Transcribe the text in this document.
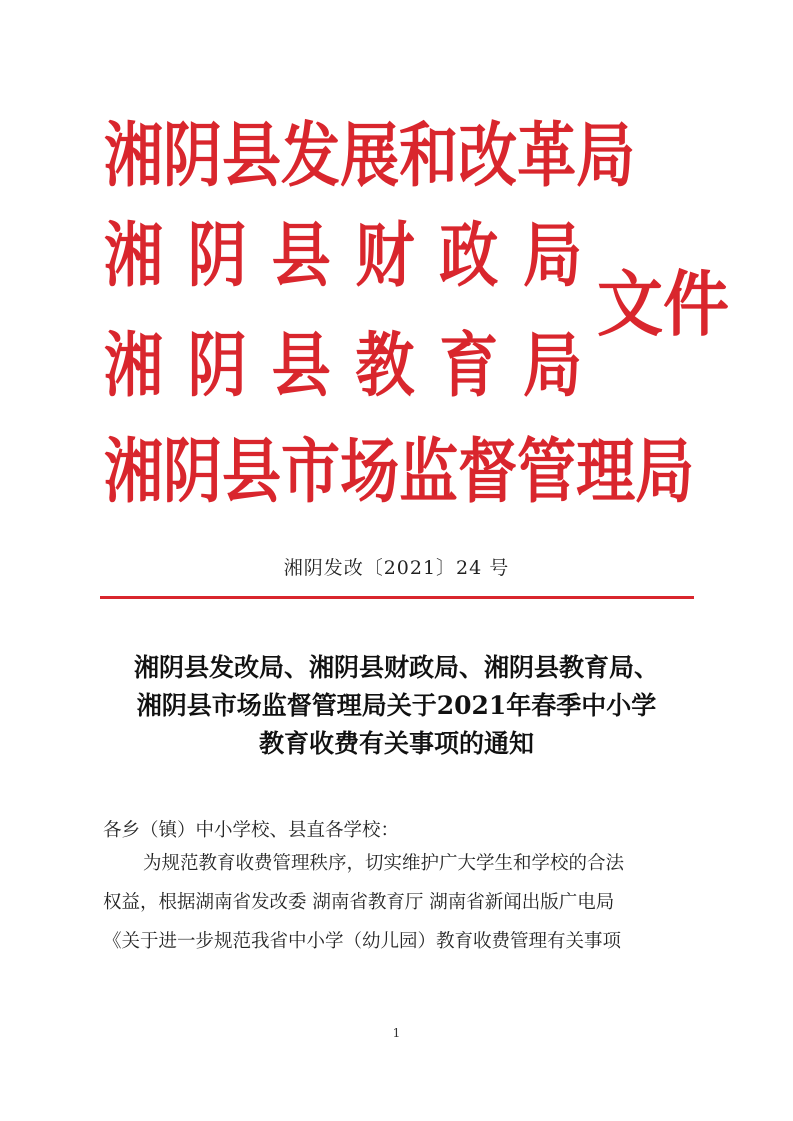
湘 阴 县 发 展 和 改 革 局
湘 阴 县 财 政 局
湘 阴 县 教 育 局
湘 阴 县 市 场 监 督 管 理 局
文件
湘阴发改〔2021〕24 号
湘阴县发改局、湘阴县财政局、湘阴县教育局、
湘阴县市场监督管理局关于2021年春季中小学
教育收费有关事项的通知
各乡（镇）中小学校、县直各学校：
为规范教育收费管理秩序，切实维护广大学生和学校的合法
权益，根据湖南省发改委 湖南省教育厅 湖南省新闻出版广电局
《关于进一步规范我省中小学（幼儿园）教育收费管理有关事项
1
